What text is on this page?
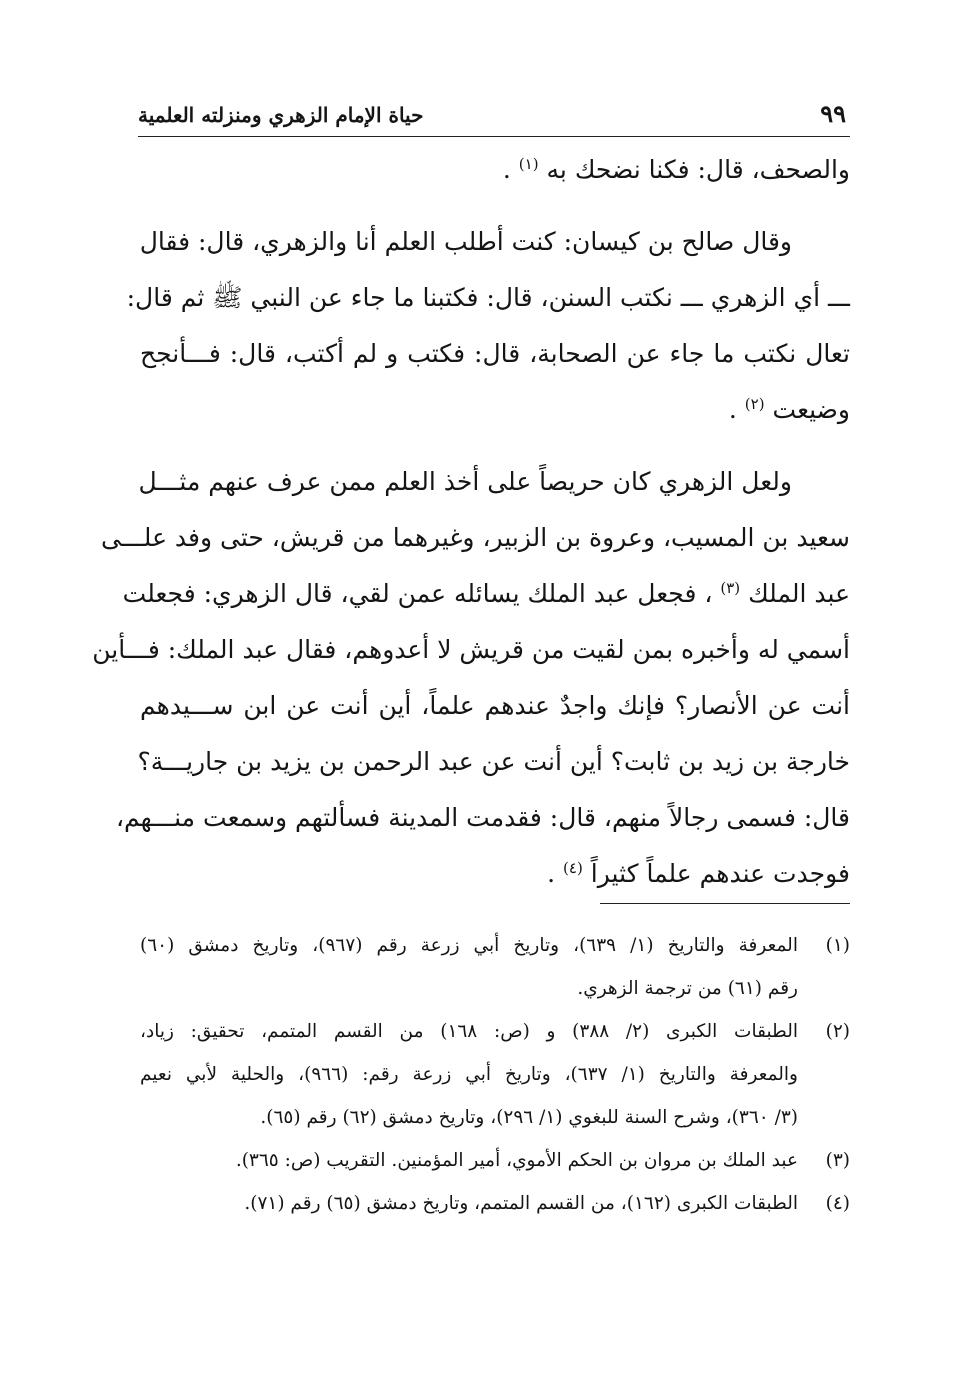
٩٩
حياة الإمام الزهري ومنزلته العلمية
والصحف، قال: فكنا نضحك به $^{(١)}$ .
وقال صالح بن كيسان: كنت أطلب العلم أنا والزهري، قال: فقال
ـــ أي الزهري ـــ نكتب السنن، قال: فكتبنا ما جاء عن النبي ﷺ ثم قال:
تعال نكتب ما جاء عن الصحابة، قال: فكتب و لم أكتب، قال: فـــأنجح
وضيعت $^{(٢)}$ .
ولعل الزهري كان حريصاً على أخذ العلم ممن عرف عنهم مثـــل
سعيد بن المسيب، وعروة بن الزبير، وغيرهما من قريش، حتى وفد علـــى
عبد الملك $^{(٣)}$ ، فجعل عبد الملك يسائله عمن لقي، قال الزهري: فجعلت
أسمي له وأخبره بمن لقيت من قريش لا أعدوهم، فقال عبد الملك: فـــأين
أنت عن الأنصار؟ فإنك واجدٌ عندهم علماً، أين أنت عن ابن ســـيدهم
خارجة بن زيد بن ثابت؟ أين أنت عن عبد الرحمن بن يزيد بن جاريـــة؟
قال: فسمى رجالاً منهم، قال: فقدمت المدينة فسألتهم وسمعت منـــهم،
فوجدت عندهم علماً كثيراً $^{(٤)}$ .
(١)
المعرفة والتاريخ (١/ ٦٣٩)، وتاريخ أبي زرعة رقم (٩٦٧)، وتاريخ دمشق (٦٠)
رقم (٦١) من ترجمة الزهري.
(٢)
الطبقات الكبرى (٢/ ٣٨٨) و (ص: ١٦٨) من القسم المتمم، تحقيق: زياد،
والمعرفة والتاريخ (١/ ٦٣٧)، وتاريخ أبي زرعة رقم: (٩٦٦)، والحلية لأبي نعيم
(٣/ ٣٦٠)، وشرح السنة للبغوي (١/ ٢٩٦)، وتاريخ دمشق (٦٢) رقم (٦٥).
(٣)
عبد الملك بن مروان بن الحكم الأموي، أمير المؤمنين. التقريب (ص: ٣٦٥).
(٤)
الطبقات الكبرى (١٦٢)، من القسم المتمم، وتاريخ دمشق (٦٥) رقم (٧١).
